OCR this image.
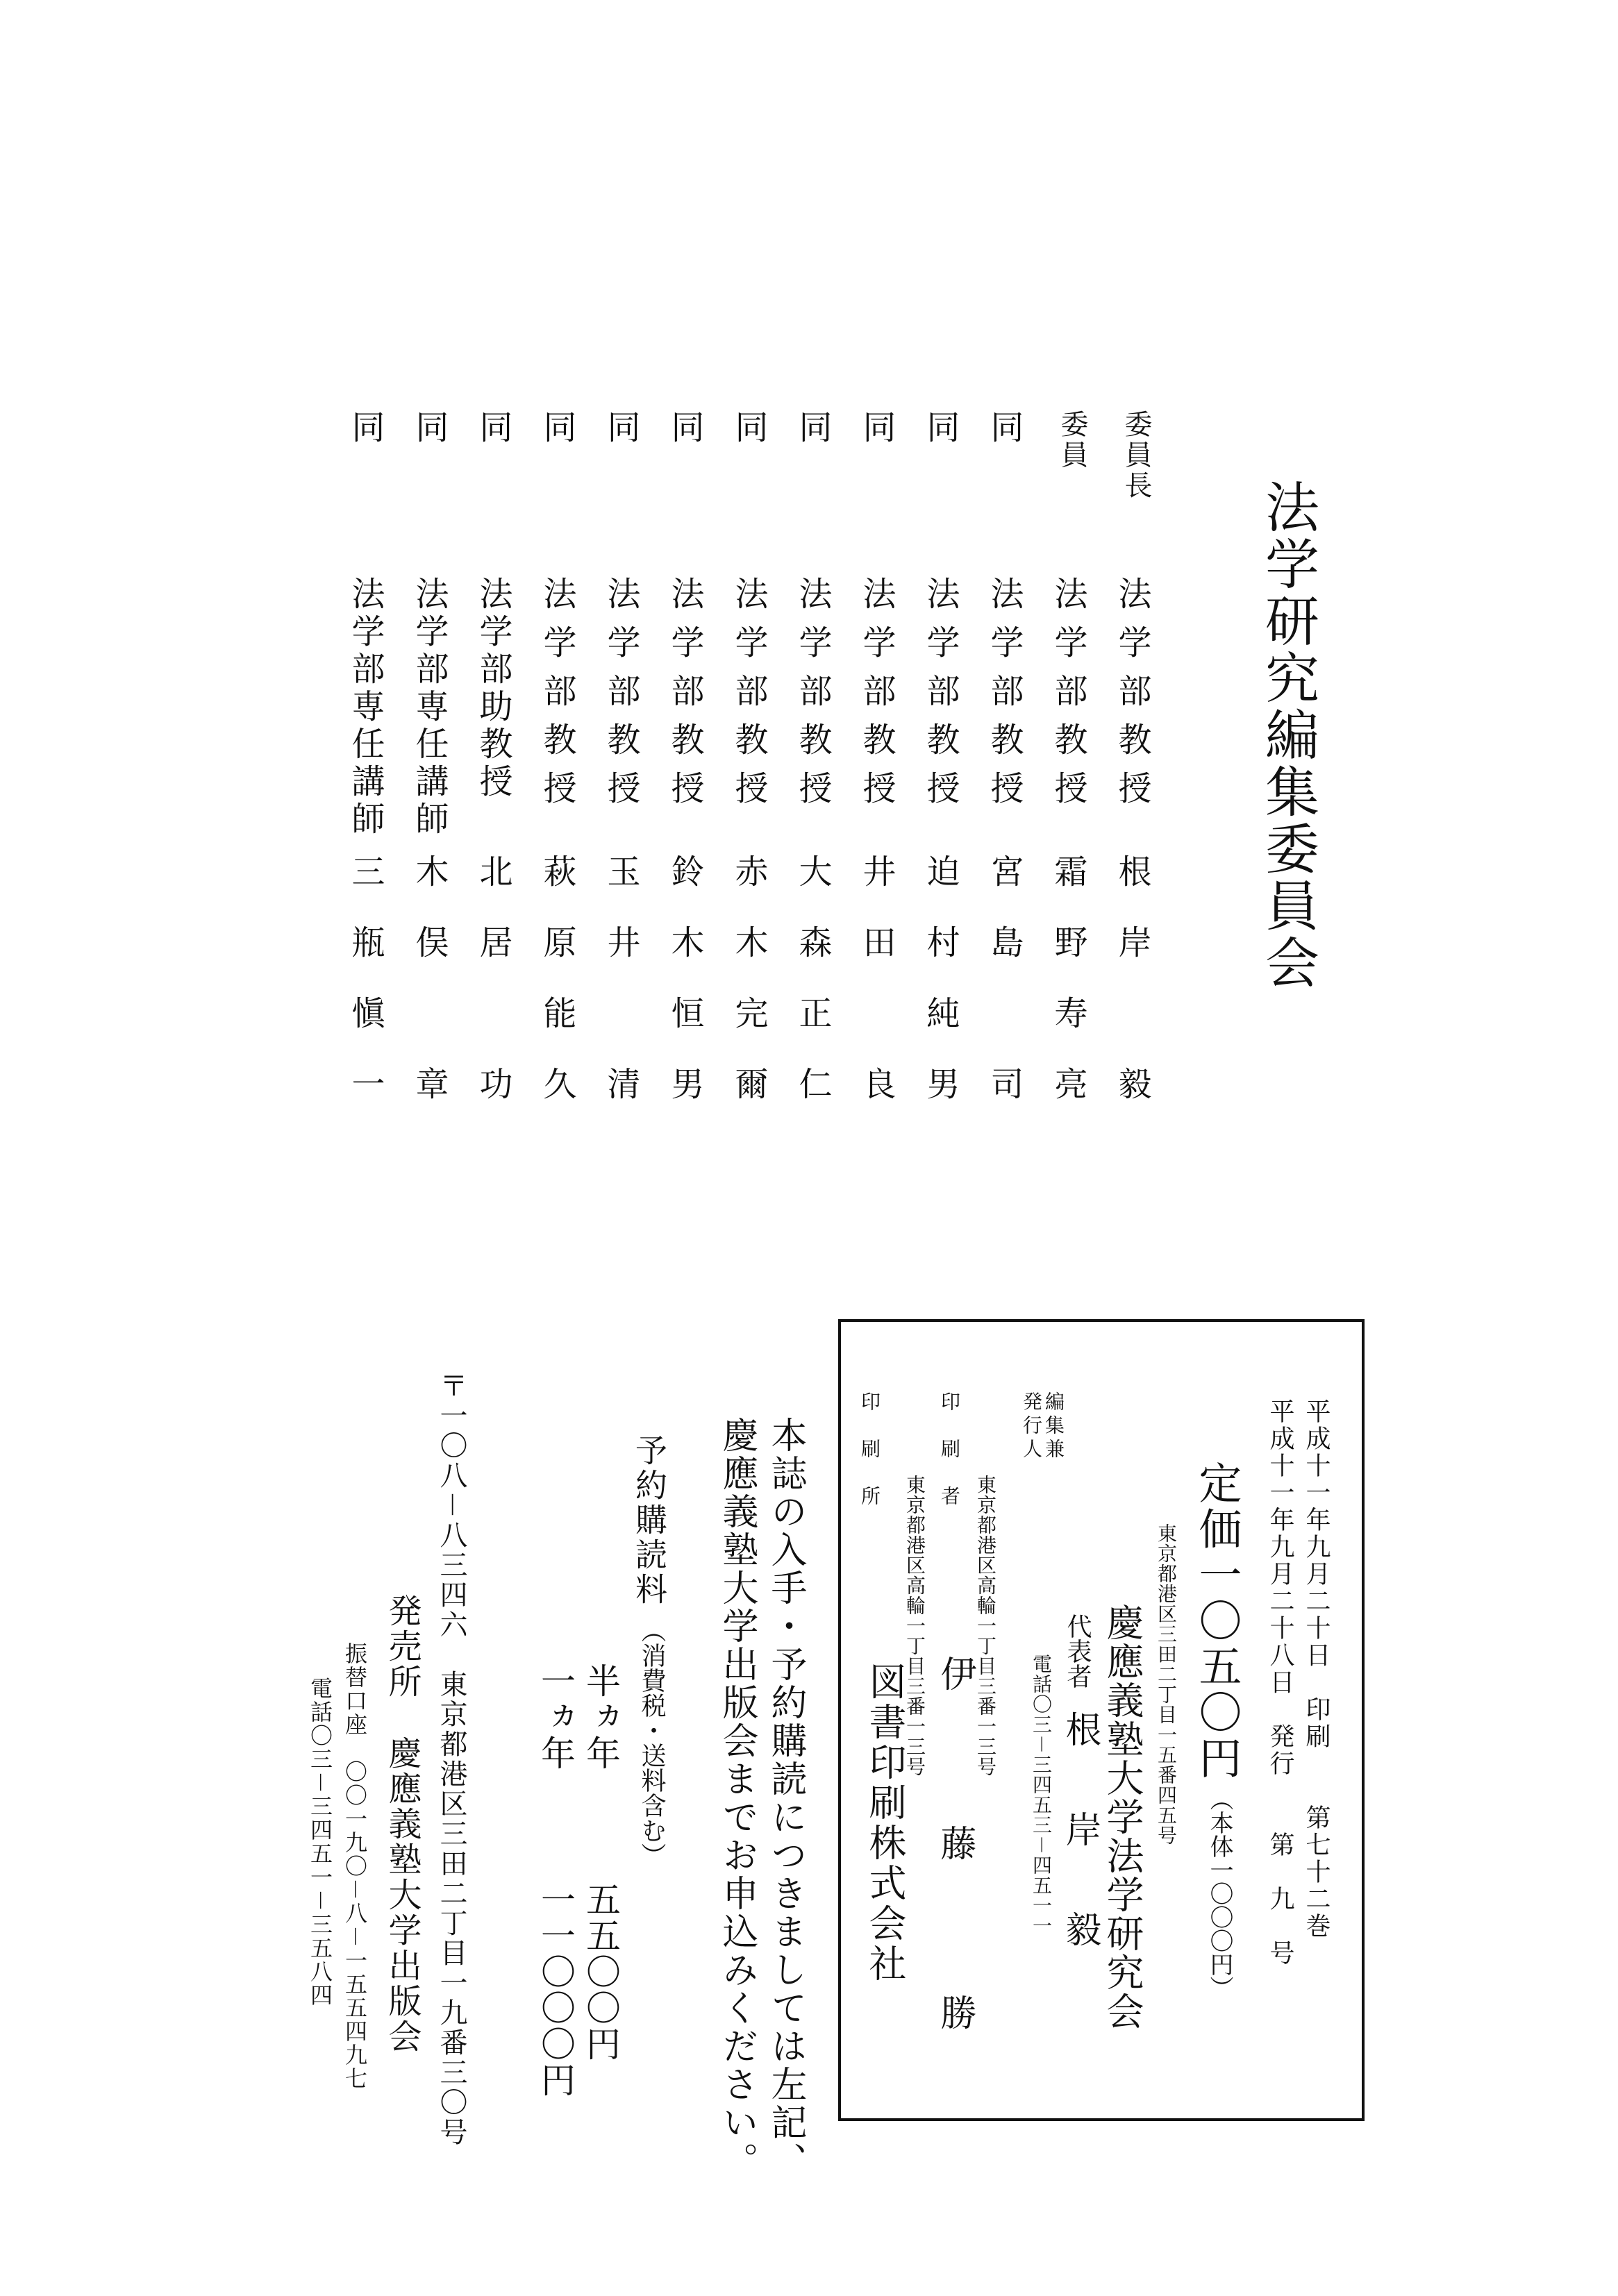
法学研究編集委員会
委員長
法学部教授
根岸　毅
委員
法学部教授
霜野寿亮
同
法学部教授
宮島　司
同
法学部教授
迫村純男
同
法学部教授
井田　良
同
法学部教授
大森正仁
同
法学部教授
赤木完爾
同
法学部教授
鈴木恒男
同
法学部教授
玉井　清
同
法学部教授
萩原能久
同
法学部助教授
北居　功
同
法学部専任講師
木俣　章
同
法学部専任講師
三瓶愼一
平成十一年九月二十日　印刷　　第七十二巻
平成十一年九月二十八日　発行　　第　九　号
定価一〇五〇円
（本体一〇〇〇円）
東京都港区三田二丁目一五番四五号
編集兼
発行人
慶應義塾大学法学研究会
代表者
根　岸　毅
電話〇三－三四五三－四五一一
東京都港区高輪一丁目三番一三号
印刷者
伊　藤　勝
東京都港区高輪一丁目三番一三号
印刷所
図書印刷株式会社
本誌の入手・予約購読につきましては左記、
慶應義塾大学出版会までお申込みください。
予約購読料
（消費税・送料含む）
半ヵ年
五五〇〇円
一ヵ年
一一〇〇〇円
〒一〇八－八三四六　東京都港区三田二丁目一九番三〇号
発売所
慶應義塾大学出版会
振替口座　〇〇一九〇－八－一五五四九七
電話〇三－三四五一－三五八四
